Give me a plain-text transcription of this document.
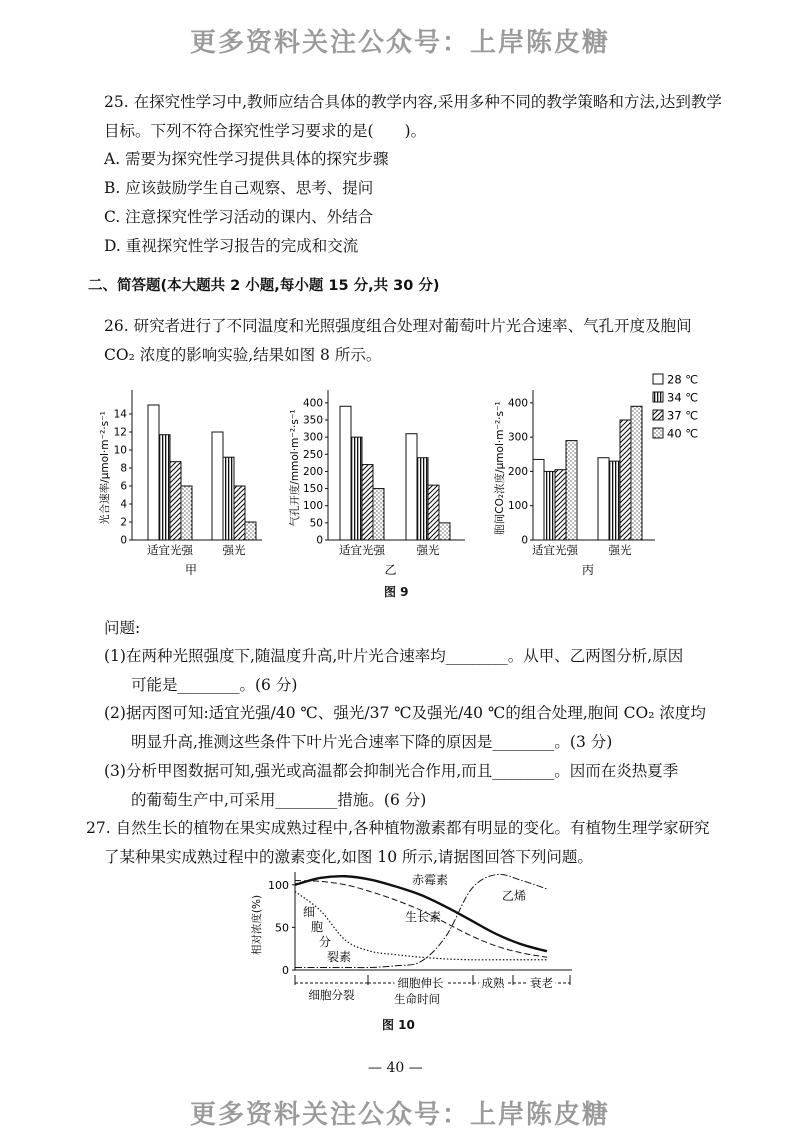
更多资料关注公众号：上岸陈皮糖
25. 在探究性学习中,教师应结合具体的教学内容,采用多种不同的教学策略和方法,达到教学
目标。下列不符合探究性学习要求的是(　　)。
A. 需要为探究性学习提供具体的探究步骤
B. 应该鼓励学生自己观察、思考、提问
C. 注意探究性学习活动的课内、外结合
D. 重视探究性学习报告的完成和交流
二、简答题(本大题共 2 小题,每小题 15 分,共 30 分)
26. 研究者进行了不同温度和光照强度组合处理对葡萄叶片光合速率、气孔开度及胞间
CO₂ 浓度的影响实验,结果如图 8 所示。
0
2
4
6
8
10
12
14
光合速率/μmol·m⁻²·s⁻¹
适宜光强	强光
甲
0
50
100
150
200
250
300
350
400
气孔开度/mmol·m⁻²·s⁻¹
适宜光强	强光
乙
0
100
200
300
400
胞间CO₂浓度/μmol·m⁻²·s⁻¹
适宜光强	强光
丙
28 ℃
34 ℃
37 ℃
40 ℃
图 9
问题:
(1)在两种光照强度下,随温度升高,叶片光合速率均________。从甲、乙两图分析,原因
可能是________。(6 分)
(2)据丙图可知:适宜光强/40 ℃、强光/37 ℃及强光/40 ℃的组合处理,胞间 CO₂ 浓度均
明显升高,推测这些条件下叶片光合速率下降的原因是________。(3 分)
(3)分析甲图数据可知,强光或高温都会抑制光合作用,而且________。因而在炎热夏季
的葡萄生产中,可采用________措施。(6 分)
27. 自然生长的植物在果实成熟过程中,各种植物激素都有明显的变化。有植物生理学家研究
了某种果实成熟过程中的激素变化,如图 10 所示,请据图回答下列问题。
0
50
100
相对浓度(%)
赤霉素
生长素
乙烯
细
胞
分
裂素
细胞分裂
细胞伸长	成熟 衰老
生命时间
图 10
— 40 —
更多资料关注公众号：上岸陈皮糖
